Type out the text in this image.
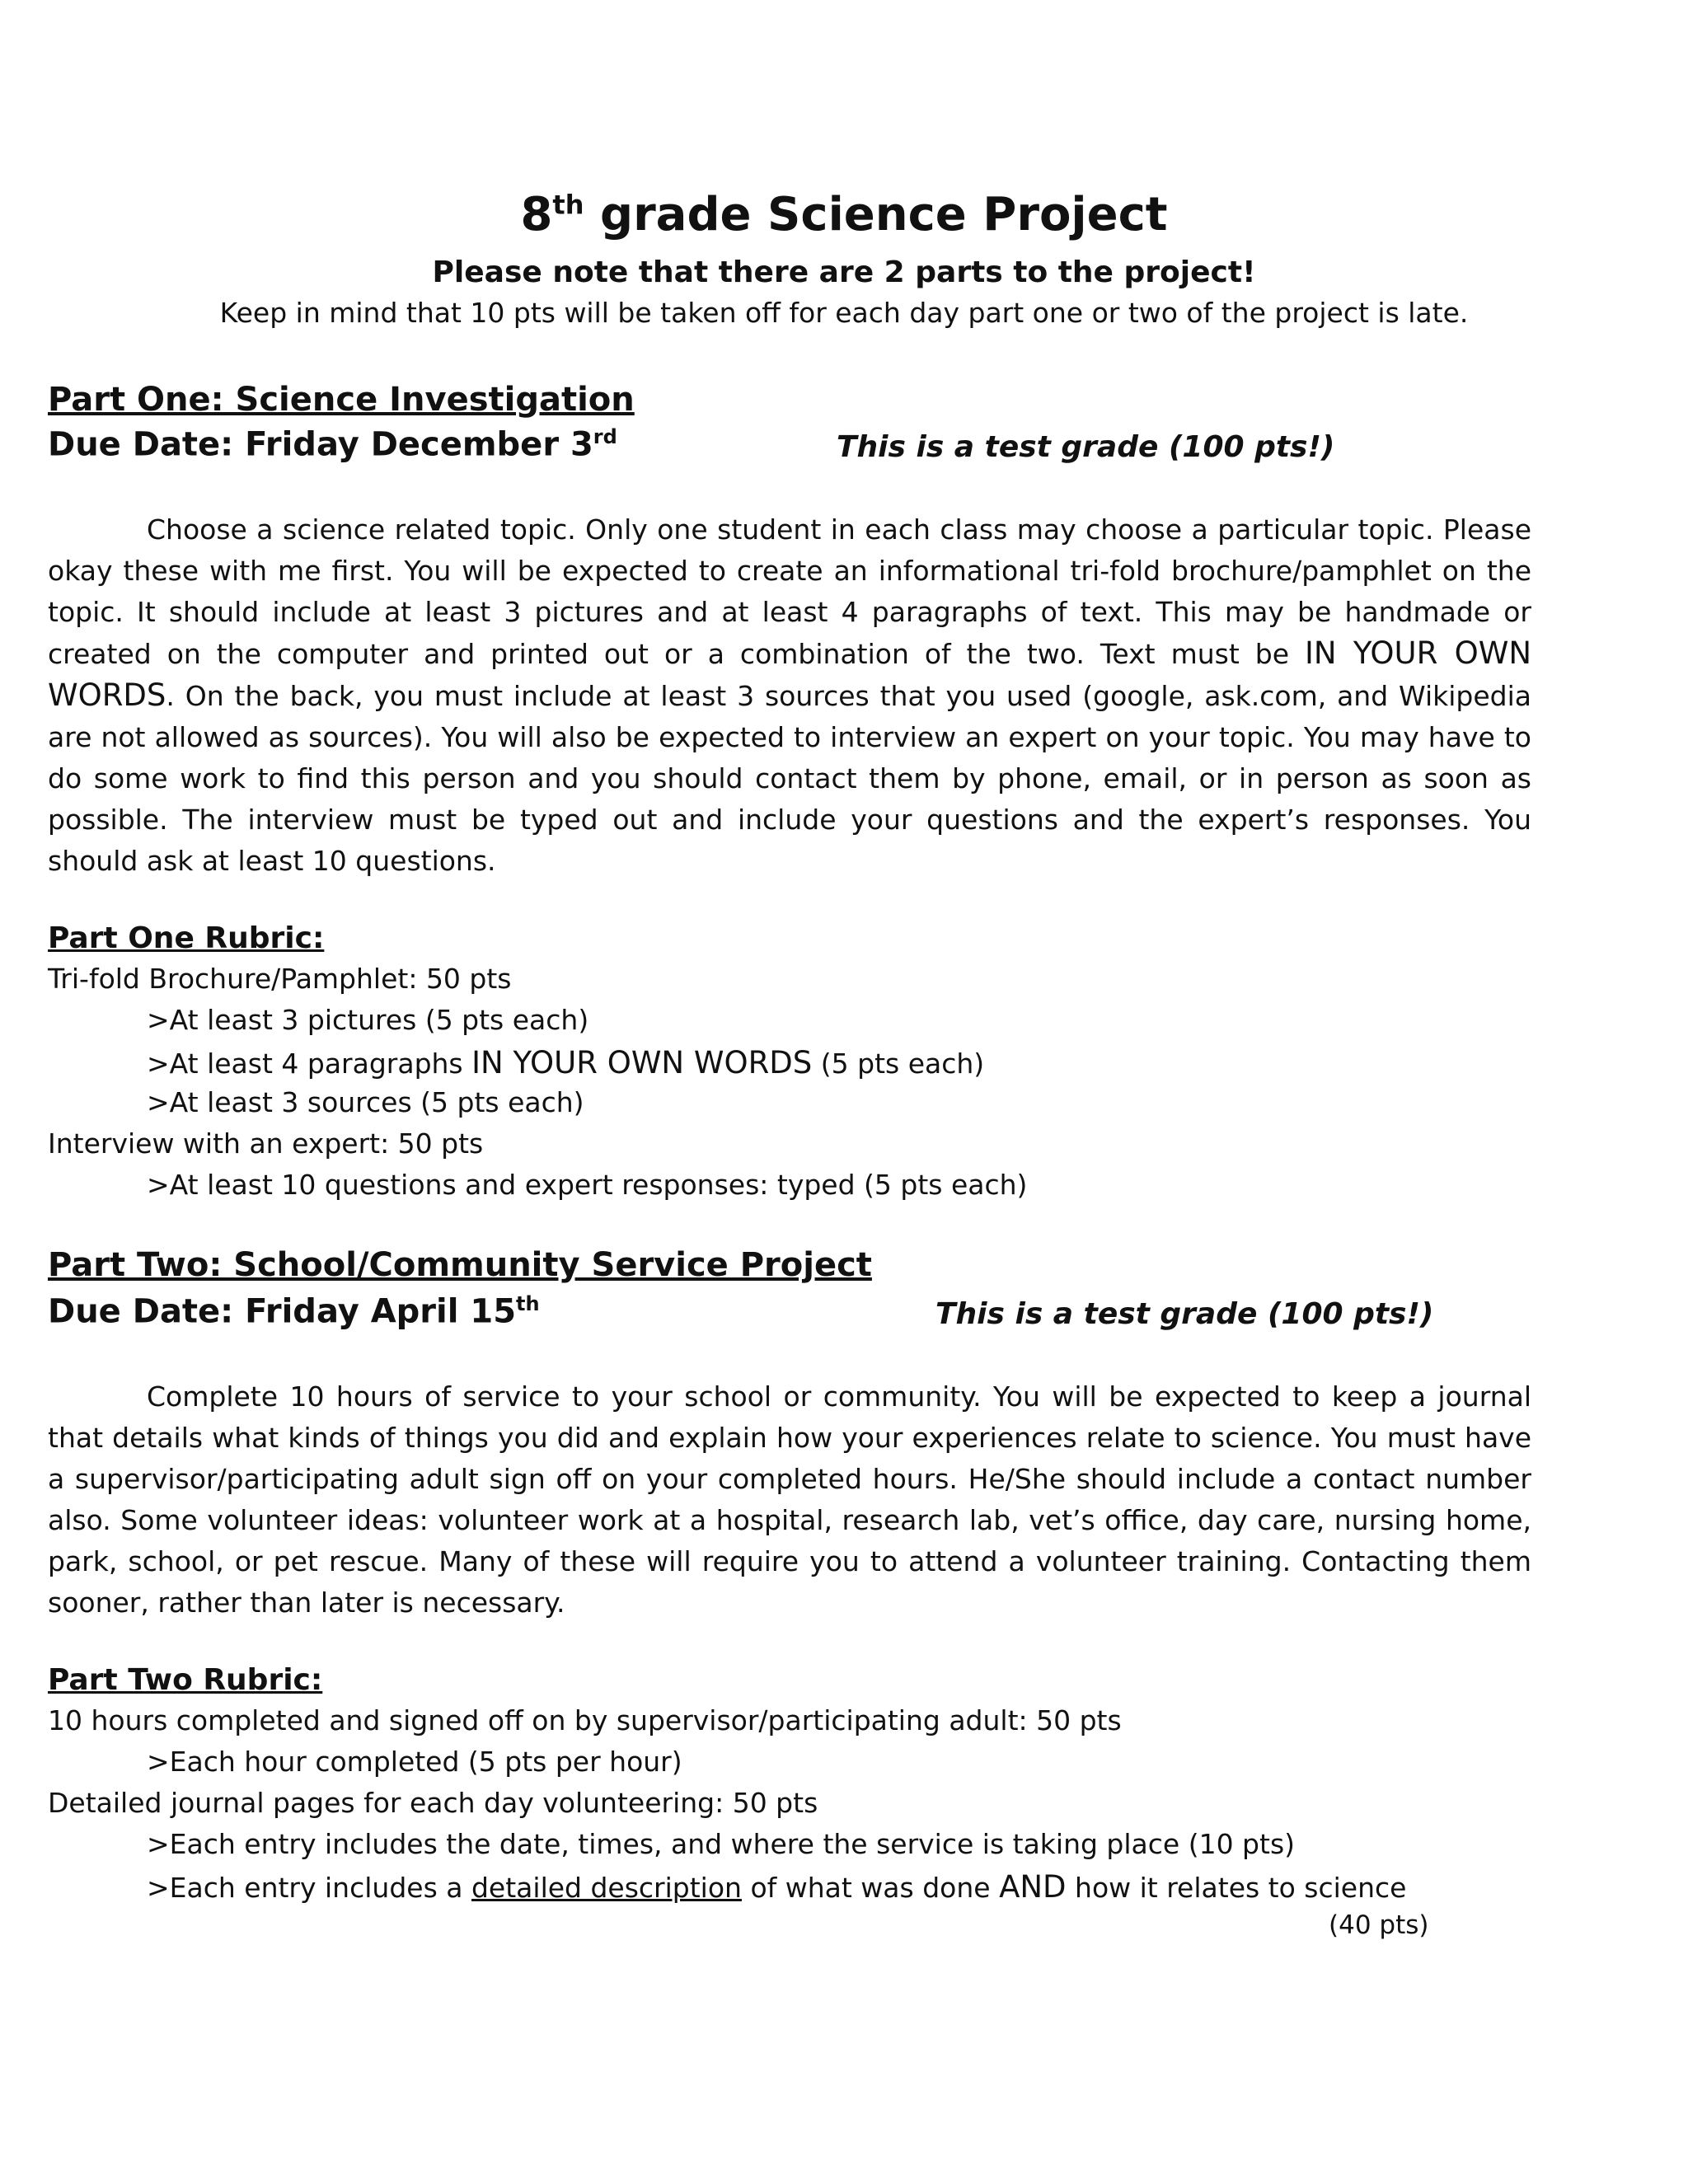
8th grade Science Project
Please note that there are 2 parts to the project!
Keep in mind that 10 pts will be taken off for each day part one or two of the project is late.
Part One: Science Investigation
Due Date: Friday December 3rd	This is a test grade (100 pts!)
Choose a science related topic. Only one student in each class may choose a particular topic. Please okay these with me first. You will be expected to create an informational tri-fold brochure/pamphlet on the topic. It should include at least 3 pictures and at least 4 paragraphs of text. This may be handmade or created on the computer and printed out or a combination of the two. Text must be IN YOUR OWN WORDS. On the back, you must include at least 3 sources that you used (google, ask.com, and Wikipedia are not allowed as sources). You will also be expected to interview an expert on your topic. You may have to do some work to find this person and you should contact them by phone, email, or in person as soon as possible. The interview must be typed out and include your questions and the expert’s responses. You should ask at least 10 questions.
Part One Rubric:
Tri-fold Brochure/Pamphlet: 50 pts
>At least 3 pictures (5 pts each)
>At least 4 paragraphs IN YOUR OWN WORDS (5 pts each)
>At least 3 sources (5 pts each)
Interview with an expert: 50 pts
>At least 10 questions and expert responses: typed (5 pts each)
Part Two: School/Community Service Project
Due Date: Friday April 15th	This is a test grade (100 pts!)
Complete 10 hours of service to your school or community. You will be expected to keep a journal that details what kinds of things you did and explain how your experiences relate to science. You must have a supervisor/participating adult sign off on your completed hours. He/She should include a contact number also. Some volunteer ideas: volunteer work at a hospital, research lab, vet’s office, day care, nursing home, park, school, or pet rescue. Many of these will require you to attend a volunteer training. Contacting them sooner, rather than later is necessary.
Part Two Rubric:
10 hours completed and signed off on by supervisor/participating adult: 50 pts
>Each hour completed (5 pts per hour)
Detailed journal pages for each day volunteering: 50 pts
>Each entry includes the date, times, and where the service is taking place (10 pts)
>Each entry includes a detailed description of what was done AND how it relates to science
(40 pts)
